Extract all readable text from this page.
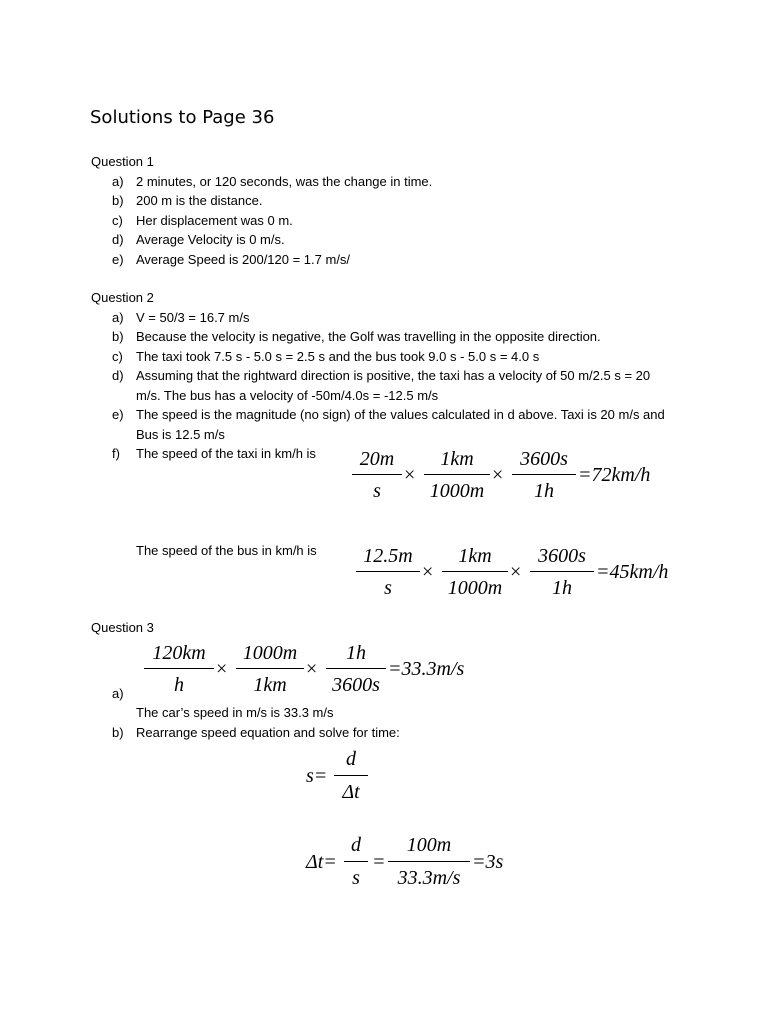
Solutions to Page 36
Question 1
a) 2 minutes, or 120 seconds, was the change in time.
b) 200 m is the distance.
c) Her displacement was 0 m.
d) Average Velocity is 0 m/s.
e) Average Speed is 200/120 = 1.7 m/s/
Question 2
a) V = 50/3 = 16.7 m/s
b) Because the velocity is negative, the Golf was travelling in the opposite direction.
c) The taxi took 7.5 s - 5.0 s = 2.5 s and the bus took 9.0 s - 5.0 s = 4.0 s
d) Assuming that the rightward direction is positive, the taxi has a velocity of 50 m/2.5 s = 20 m/s. The bus has a velocity of -50m/4.0s = -12.5 m/s
e) The speed is the magnitude (no sign) of the values calculated in d above. Taxi is 20 m/s and Bus is 12.5 m/s
f) The speed of the taxi in km/h is	20m
s
×
1km
1000m
×
3600s
1h
=72km/h
The speed of the bus in km/h is	12.5m
s
×
1km
1000m
×
3600s
1h
=45km/h
Question 3
120km
h
×
1000m
1km
×
1h
3600s
=33.3m/s
a)
The car’s speed in m/s is 33.3 m/s
b) Rearrange speed equation and solve for time:
s=
d
Δt
Δt=
d
s
=
100m
33.3m/s
=3s
